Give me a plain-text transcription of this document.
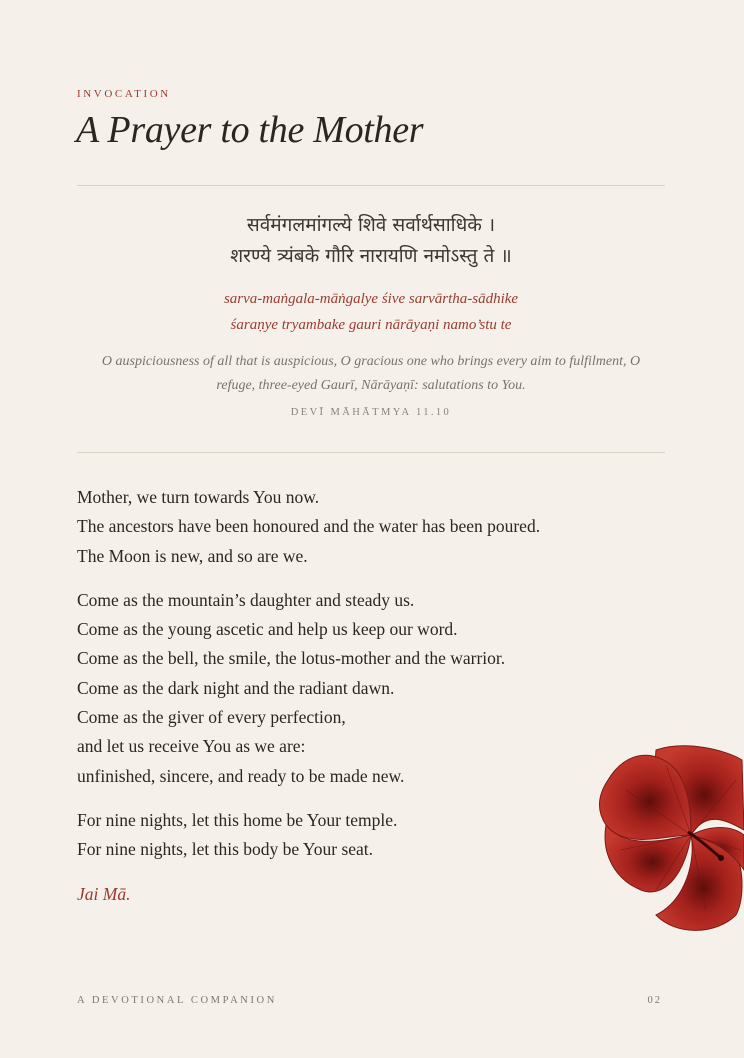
INVOCATION
A Prayer to the Mother
सर्वमंगलमांगल्ये शिवे सर्वार्थसाधिके ।
शरण्ये त्र्यंबके गौरि नारायणि नमोऽस्तु ते ॥
sarva-maṅgala-māṅgalye śive sarvārtha-sādhike
śaraṇye tryambake gauri nārāyaṇi namo’stu te
O auspiciousness of all that is auspicious, O gracious one who brings every aim to fulfilment, O
refuge, three-eyed Gaurī, Nārāyaṇī: salutations to You.
DEVĪ MĀHĀTMYA 11.10
Mother, we turn towards You now.
The ancestors have been honoured and the water has been poured.
The Moon is new, and so are we.
Come as the mountain’s daughter and steady us.
Come as the young ascetic and help us keep our word.
Come as the bell, the smile, the lotus-mother and the warrior.
Come as the dark night and the radiant dawn.
Come as the giver of every perfection,
and let us receive You as we are:
unfinished, sincere, and ready to be made new.
For nine nights, let this home be Your temple.
For nine nights, let this body be Your seat.
Jai Mā.
A DEVOTIONAL COMPANION	02
